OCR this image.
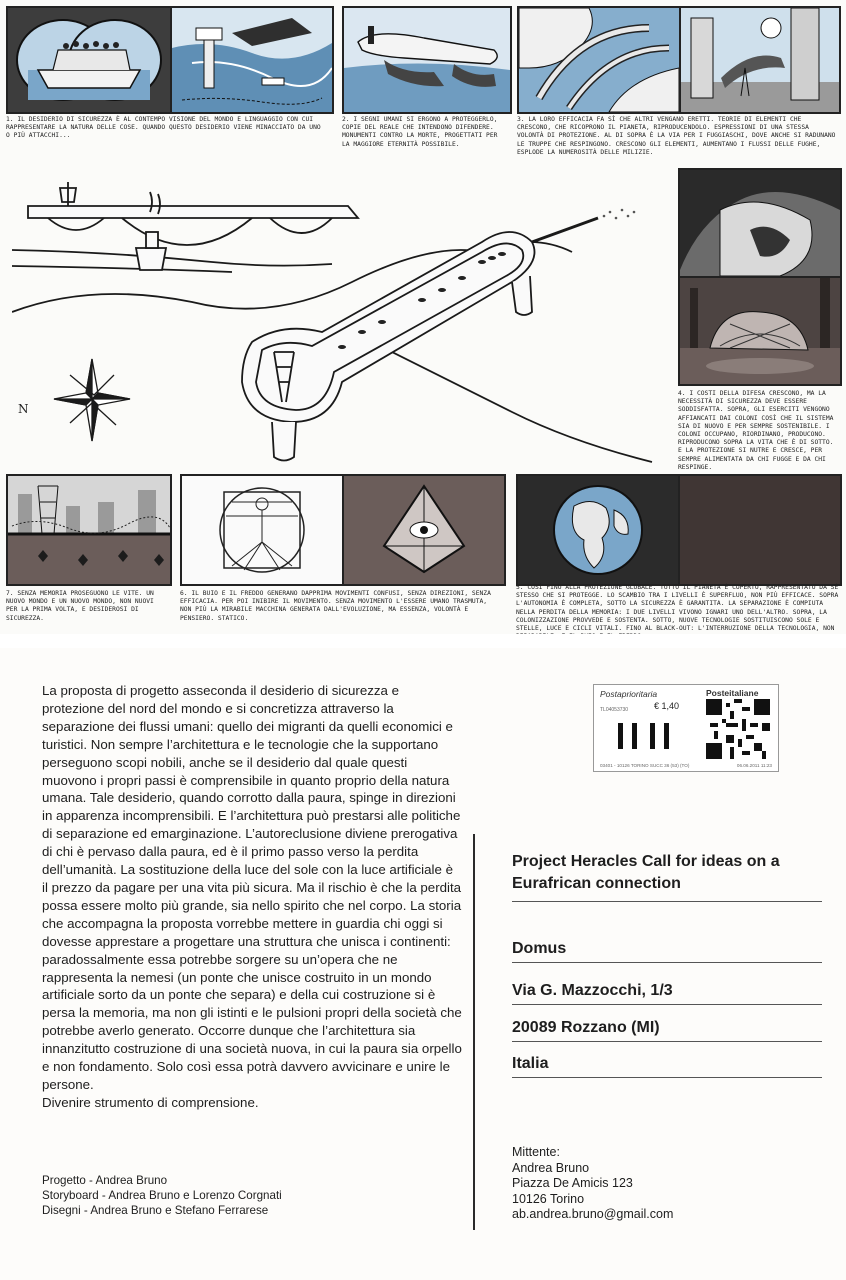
1. IL DESIDERIO DI SICUREZZA È AL CONTEMPO VISIONE DEL MONDO E LINGUAGGIO CON CUI RAPPRESENTARE LA NATURA DELLE COSE. QUANDO QUESTO DESIDERIO VIENE MINACCIATO DA UNO O PIÙ ATTACCHI...
2. I SEGNI UMANI SI ERGONO A PROTEGGERLO, COPIE DEL REALE CHE INTENDONO DIFENDERE. MONUMENTI CONTRO LA MORTE, PROGETTATI PER LA MAGGIORE ETERNITÀ POSSIBILE.
3. LA LORO EFFICACIA FA SÌ CHE ALTRI VENGANO ERETTI. TEORIE DI ELEMENTI CHE CRESCONO, CHE RICOPRONO IL PIANETA, RIPRODUCENDOLO. ESPRESSIONI DI UNA STESSA VOLONTÀ DI PROTEZIONE. AL DI SOPRA È LA VIA PER I FUGGIASCHI, DOVE ANCHE SI RADUNANO LE TRUPPE CHE RESPINGONO. CRESCONO GLI ELEMENTI, AUMENTANO I FLUSSI DELLE FUGHE, ESPLODE LA NUMEROSITÀ DELLE MILIZIE.
N
4. I COSTI DELLA DIFESA CRESCONO, MA LA NECESSITÀ DI SICUREZZA DEVE ESSERE SODDISFATTA. SOPRA, GLI ESERCITI VENGONO AFFIANCATI DAI COLONI COSÌ CHE IL SISTEMA SIA DI NUOVO E PER SEMPRE SOSTENIBILE. I COLONI OCCUPANO, RIORDINANO, PRODUCONO. RIPRODUCONO SOPRA LA VITA CHE È DI SOTTO. E LA PROTEZIONE SI NUTRE E CRESCE, PER SEMPRE ALIMENTATA DA CHI FUGGE E DA CHI RESPINGE.
7. SENZA MEMORIA PROSEGUONO LE VITE. UN NUOVO MONDO E UN NUOVO MONDO, NON NUOVI PER LA PRIMA VOLTA, E DESIDEROSI DI SICUREZZA.
6. IL BUIO E IL FREDDO GENERANO DAPPRIMA MOVIMENTI CONFUSI, SENZA DIREZIONI, SENZA EFFICACIA. PER POI INIBIRE IL MOVIMENTO. SENZA MOVIMENTO L'ESSERE UMANO TRASMUTA, NON PIÙ LA MIRABILE MACCHINA GENERATA DALL'EVOLUZIONE, MA ESSENZA, VOLONTÀ E PENSIERO. STATICO.
5. COSÌ FINO ALLA PROTEZIONE GLOBALE. TUTTO IL PIANETA È COPERTO, RAPPRESENTATO DA SÉ STESSO CHE SI PROTEGGE. LO SCAMBIO TRA I LIVELLI È SUPERFLUO, NON PIÙ EFFICACE. SOPRA L'AUTONOMIA È COMPLETA, SOTTO LA SICUREZZA È GARANTITA. LA SEPARAZIONE È COMPIUTA NELLA PERDITA DELLA MEMORIA: I DUE LIVELLI VIVONO IGNARI UNO DELL'ALTRO. SOPRA, LA COLONIZZAZIONE PROVVEDE E SOSTENTA. SOTTO, NUOVE TECNOLOGIE SOSTITUISCONO SOLE E STELLE, LUCE E CICLI VITALI. FINO AL BLACK-OUT: L'INTERRUZIONE DELLA TECNOLOGIA, NON

La proposta di progetto asseconda il desiderio di sicurezza e protezione del nord del mondo e si concretizza attraverso la separazione dei flussi umani: quello dei migranti da quelli economici e turistici. Non sempre l’architettura e le tecnologie che la supportano perseguono scopi nobili, anche se il desiderio dal quale questi muovono i propri passi è comprensibile in quanto proprio della natura umana. Tale desiderio, quando corrotto dalla paura, spinge in direzioni in apparenza incomprensibili. E l’architettura può prestarsi alle politiche di separazione ed emarginazione. L’autoreclusione diviene prerogativa di chi è pervaso dalla paura, ed è il primo passo verso la perdita dell’umanità. La sostituzione della luce del sole con la luce artificiale è il prezzo da pagare per una vita più sicura. Ma il rischio è che la perdita possa essere molto più grande, sia nello spirito che nel corpo. La storia che accompagna la proposta vorrebbe mettere in guardia chi oggi si dovesse apprestare a progettare una struttura che unisca i continenti: paradossalmente essa potrebbe sorgere su un’opera che ne rappresenta la nemesi (un ponte che unisce costruito in un mondo artificiale sorto da un ponte che separa) e della cui costruzione si è persa la memoria, ma non gli istinti e le pulsioni propri della società che potrebbe averlo generato. Occorre dunque che l’architettura sia innanzitutto costruzione di una società nuova, in cui la paura sia orpello e non fondamento. Solo così essa potrà davvero avvicinare e unire le persone.

Divenire strumento di comprensione.

Progetto - Andrea Bruno
Storyboard - Andrea Bruno e Lorenzo Corgnati
Disegni - Andrea Bruno e Stefano Ferrarese
Postaprioritaria	Posteitaliane
€ 1,40
TL04053730
03401 - 10126 TORINO SUCC 36 (53) (TO)	06.06.2011 11:23
Project Heracles Call for ideas on a Eurafrican connection
Domus
Via G. Mazzocchi, 1/3
20089 Rozzano (MI)
Italia
Mittente:
Andrea Bruno
Piazza De Amicis 123
10126 Torino
ab.andrea.bruno@gmail.com
